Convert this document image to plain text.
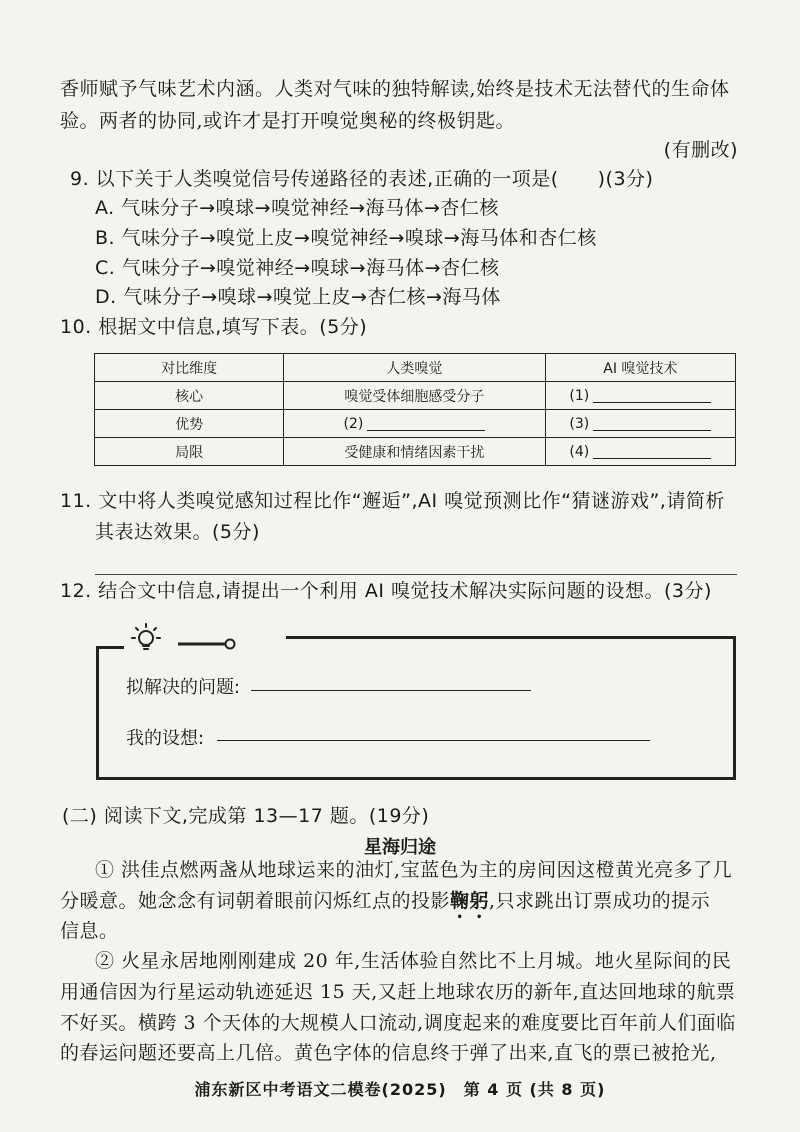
香师赋予气味艺术内涵。人类对气味的独特解读,始终是技术无法替代的生命体
验。两者的协同,或许才是打开嗅觉奥秘的终极钥匙。
(有删改)
9. 以下关于人类嗅觉信号传递路径的表述,正确的一项是(　　)(3分)
A. 气味分子→嗅球→嗅觉神经→海马体→杏仁核
B. 气味分子→嗅觉上皮→嗅觉神经→嗅球→海马体和杏仁核
C. 气味分子→嗅觉神经→嗅球→海马体→杏仁核
D. 气味分子→嗅球→嗅觉上皮→杏仁核→海马体
10. 根据文中信息,填写下表。(5分)
对比维度	人类嗅觉	AI 嗅觉技术
核心	嗅觉受体细胞感受分子	(1)
优势	(2)	(3)
局限	受健康和情绪因素干扰	(4)
11. 文中将人类嗅觉感知过程比作“邂逅”,AI 嗅觉预测比作“猜谜游戏”,请简析
其表达效果。(5分)
12. 结合文中信息,请提出一个利用 AI 嗅觉技术解决实际问题的设想。(3分)
拟解决的问题:
我的设想:
(二) 阅读下文,完成第 13—17 题。(19分)
星海归途
① 洪佳点燃两盏从地球运来的油灯,宝蓝色为主的房间因这橙黄光亮多了几
分暖意。她念念有词朝着眼前闪烁红点的投影鞠躬,只求跳出订票成功的提示
信息。
② 火星永居地刚刚建成 20 年,生活体验自然比不上月城。地火星际间的民
用通信因为行星运动轨迹延迟 15 天,又赶上地球农历的新年,直达回地球的航票
不好买。横跨 3 个天体的大规模人口流动,调度起来的难度要比百年前人们面临
的春运问题还要高上几倍。黄色字体的信息终于弹了出来,直飞的票已被抢光,
浦东新区中考语文二模卷(2025)　第 4 页 (共 8 页)
